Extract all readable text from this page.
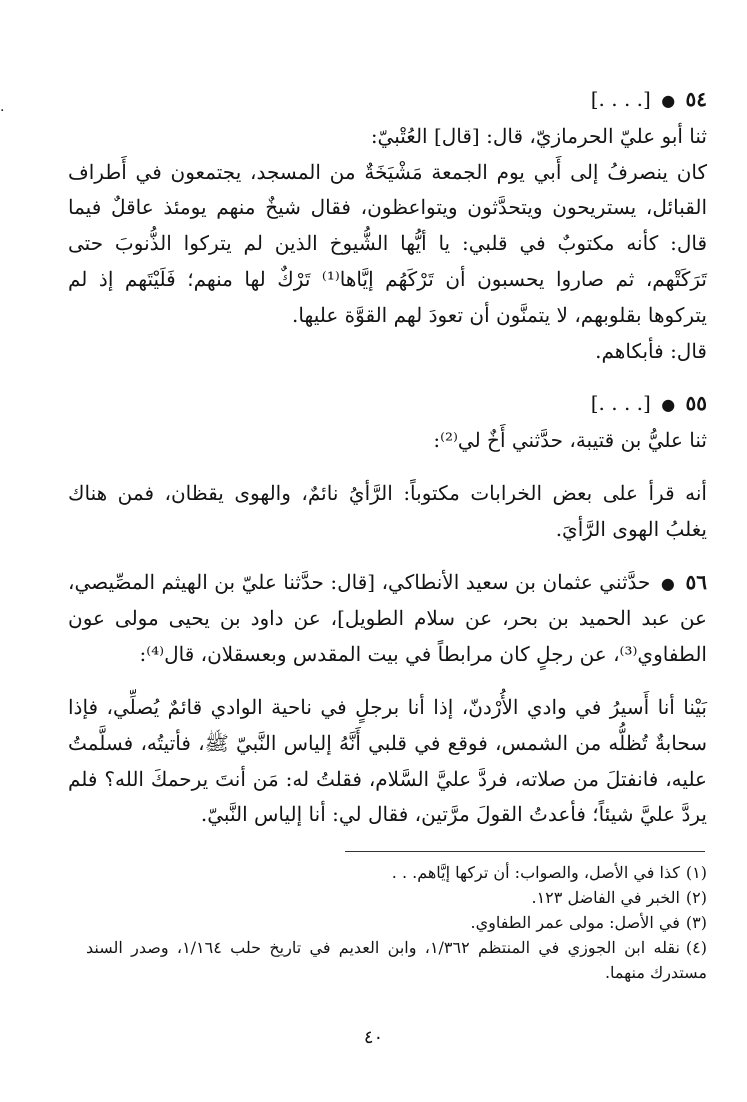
·	٥٤ ● [. . . .]

ثنا أبو عليّ الحرمازيّ، قال: [قال] العُتْبيّ:

كان ينصرفُ إلى أَبي يوم الجمعة مَشْيَخَةٌ من المسجد، يجتمعون في أَطراف القبائل، يستريحون ويتحدَّثون ويتواعظون، فقال شيخٌ منهم يومئذ عاقلٌ فيما قال: كأنه مكتوبٌ في قلبي: يا أيُّها الشُّيوخ الذين لم يتركوا الذُّنوبَ حتى تَرَكَتْهم، ثم صاروا يحسبون أن تَرْكَهُم إيَّاها⁽¹⁾ تَرْكٌ لها منهم؛ فَلَيْتَهم إذ لم يتركوها بقلوبهم، لا يتمنَّون أن تعودَ لهم القوَّة عليها.

قال: فأبكاهم.

٥٥ ● [. . . .]

ثنا عليُّ بن قتيبة، حدَّثني أَخٌ لي⁽²⁾:

أنه قرأ على بعض الخرابات مكتوباً: الرَّأيُ نائمٌ، والهوى يقظان، فمن هناك يغلبُ الهوى الرَّأيَ.

٥٦ ● حدَّثني عثمان بن سعيد الأنطاكي، [قال: حدَّثنا عليّ بن الهيثم المصِّيصي، عن عبد الحميد بن بحر، عن سلام الطويل]، عن داود بن يحيى مولى عون الطفاوي⁽³⁾، عن رجلٍ كان مرابطاً في بيت المقدس وبعسقلان، قال⁽⁴⁾:

بَيْنا أنا أَسيرُ في وادي الأُرْدنّ، إذا أنا برجلٍ في ناحية الوادي قائمٌ يُصلِّي، فإذا سحابةٌ تُظلُّه من الشمس، فوقع في قلبي أَنَّهُ إلياس النَّبيّ ﷺ، فأتيتُه، فسلَّمتُ عليه، فانفتلَ من صلاته، فردَّ عليَّ السَّلام، فقلتُ له: مَن أنتَ يرحمكَ الله؟ فلم يردَّ عليَّ شيئاً؛ فأعدتُ القولَ مرَّتين، فقال لي: أنا إلياس النَّبيّ.

(١)كذا في الأصل، والصواب: أن تركها إيَّاهم. . .

(٢)الخبر في الفاضل ١٢٣.

(٣)في الأصل: مولى عمر الطفاوي.

(٤)نقله ابن الجوزي في المنتظم ١/٣٦٢، وابن العديم في تاريخ حلب ١/١٦٤، وصدر السند مستدرك منهما.

٤٠
